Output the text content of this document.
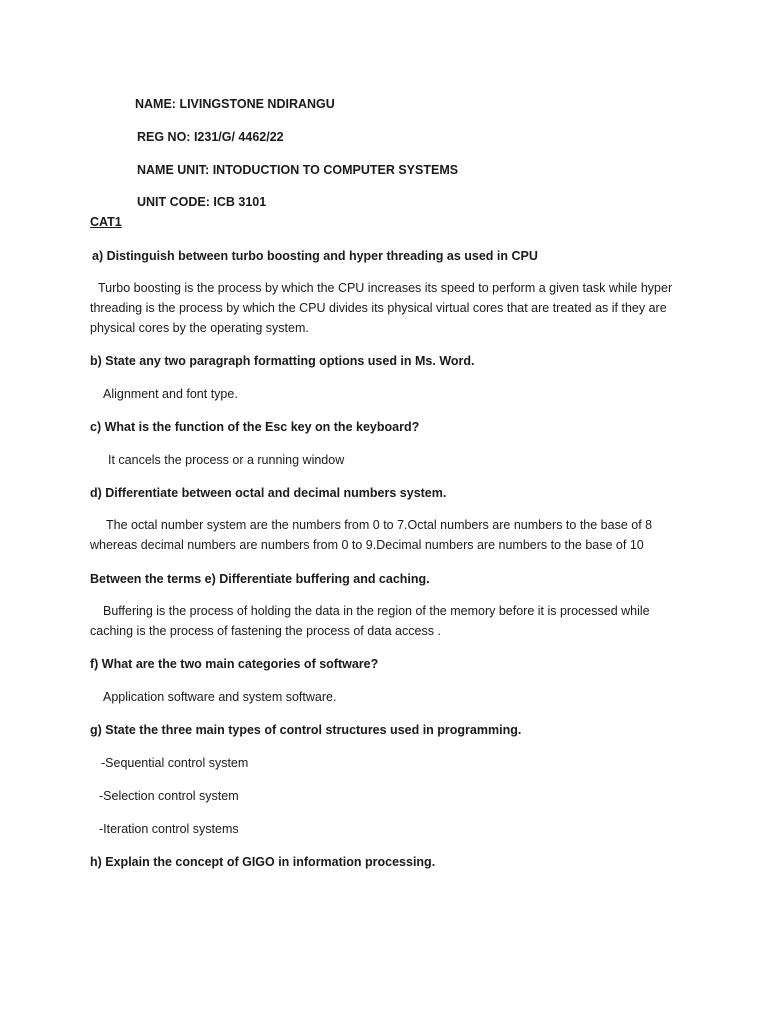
NAME: LIVINGSTONE NDIRANGU
REG NO: I231/G/ 4462/22
NAME UNIT: INTODUCTION TO COMPUTER SYSTEMS
UNIT CODE: ICB 3101
CAT1
a) Distinguish between turbo boosting and hyper threading as used in CPU
Turbo boosting is the process by which the CPU increases its speed to perform a given task while hyper
threading is the process by which the CPU divides its physical virtual cores that are treated as if they are
physical cores by the operating system.
b) State any two paragraph formatting options used in Ms. Word.
Alignment and font type.
c) What is the function of the Esc key on the keyboard?
It cancels the process or a running window
d) Differentiate between octal and decimal numbers system.
The octal number system are the numbers from 0 to 7.Octal numbers are numbers to the base of 8
whereas decimal numbers are numbers from 0 to 9.Decimal numbers are numbers to the base of 10
Between the terms e) Differentiate buffering and caching.
Buffering is the process of holding the data in the region of the memory before it is processed while
caching is the process of fastening the process of data access .
f) What are the two main categories of software?
Application software and system software.
g) State the three main types of control structures used in programming.
-Sequential control system
-Selection control system
-Iteration control systems
h) Explain the concept of GIGO in information processing.
